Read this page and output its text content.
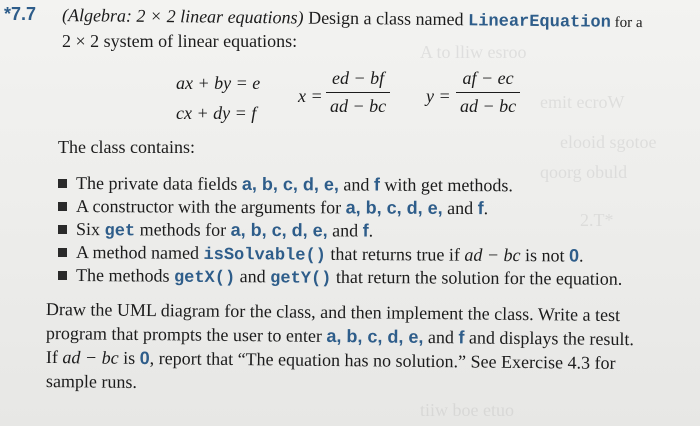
A to lliw esroo
emit ecroW
elooid sgotoe
qoorg obuld
2.T*
tiiw boe etuo
*7.7 (Algebra: 2 × 2 linear equations) Design a class named LinearEquation for a
2 × 2 system of linear equations:
ax + by = e
cx + dy = f
x =
ed − bf
ad − bc y =
af − ec
ad − bc
The class contains:
The private data fields a, b, c, d, e, and f with get methods.
A constructor with the arguments for a, b, c, d, e, and f.
Six get methods for a, b, c, d, e, and f.
A method named isSolvable() that returns true if ad − bc is not 0.
The methods getX() and getY() that return the solution for the equation.
Draw the UML diagram for the class, and then implement the class. Write a test
program that prompts the user to enter a, b, c, d, e, and f and displays the result.
If ad − bc is 0, report that “The equation has no solution.” See Exercise 4.3 for
sample runs.
